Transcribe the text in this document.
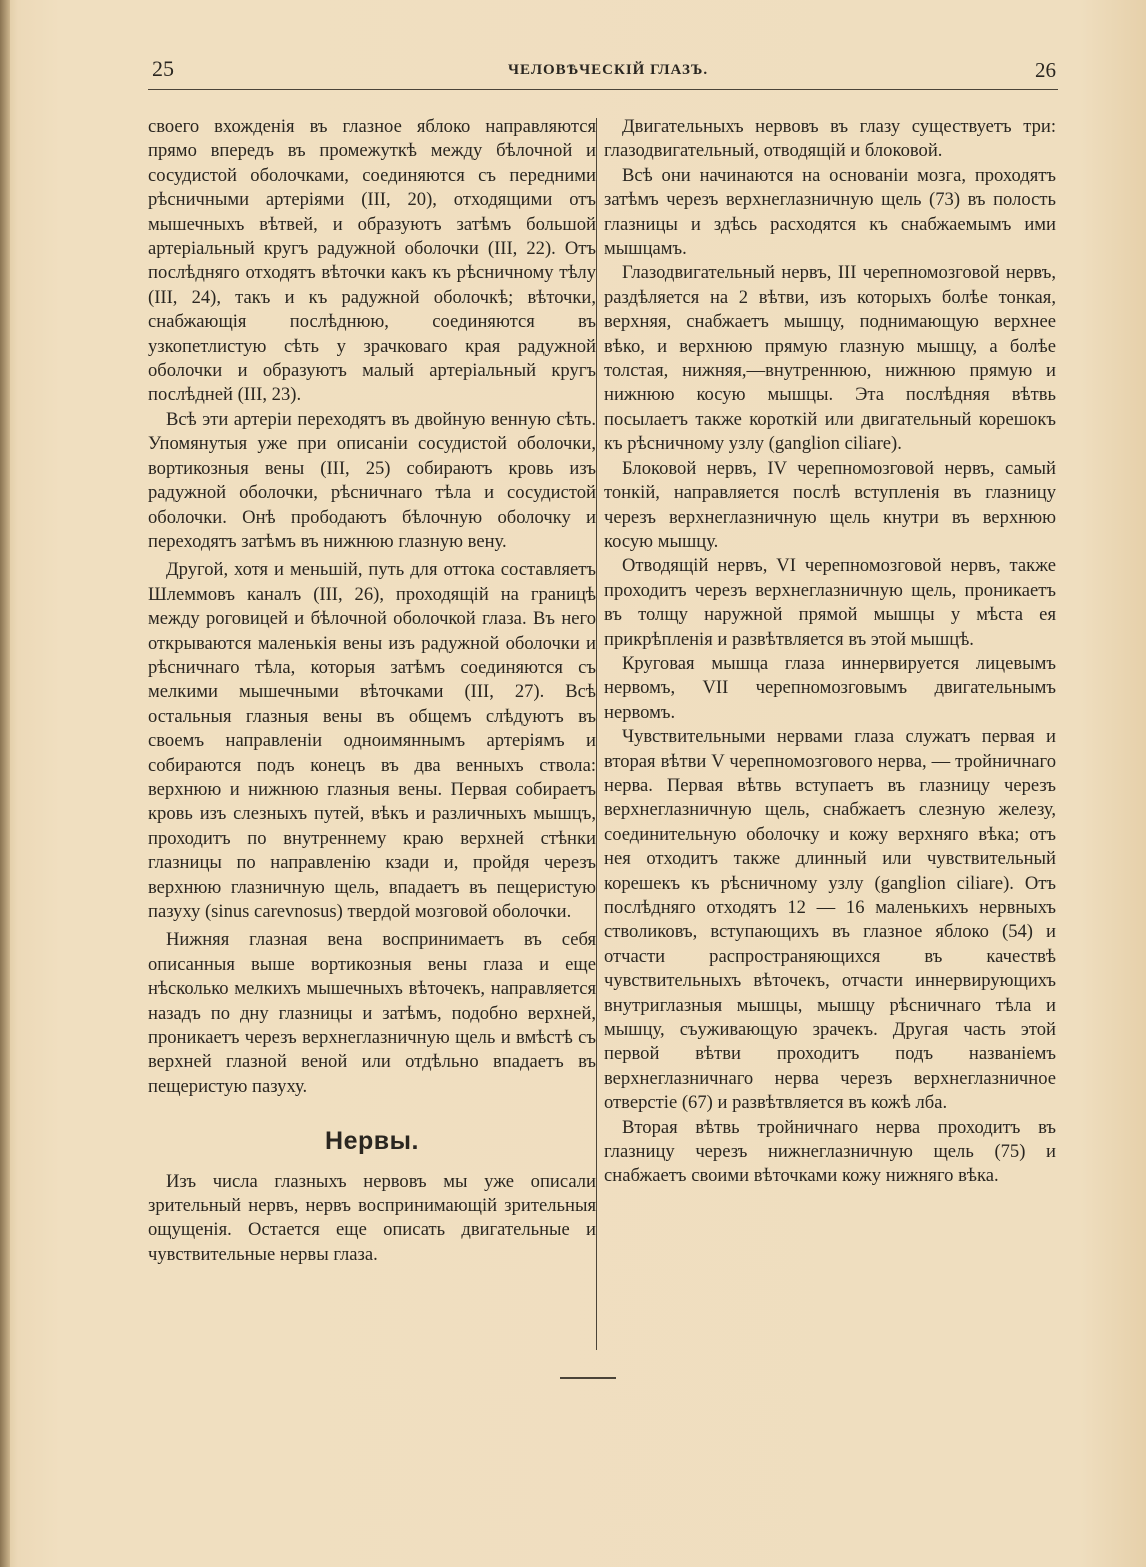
25	ЧЕЛОВѢЧЕСКІЙ ГЛАЗЪ.	26

своего вхожденія въ глазное яблоко направляются прямо впередъ въ промежуткѣ между бѣлочной и сосудистой оболочками, соединяются съ передними рѣсничными артеріями (III, 20), отходящими отъ мышечныхъ вѣтвей, и образуютъ затѣмъ большой артеріальный кругъ радужной оболочки (III, 22). Отъ послѣдняго отходятъ вѣточки какъ къ рѣсничному тѣлу (III, 24), такъ и къ радужной оболочкѣ; вѣточки, снабжающія послѣднюю, соединяются въ узкопетлистую сѣть у зрачковаго края радужной оболочки и образуютъ малый артеріальный кругъ послѣдней (III, 23).

Всѣ эти артеріи переходятъ въ двойную венную сѣть. Упомянутыя уже при описаніи сосудистой оболочки, вортикозныя вены (III, 25) собираютъ кровь изъ радужной оболочки, рѣсничнаго тѣла и сосудистой оболочки. Онѣ прободаютъ бѣлочную оболочку и переходятъ затѣмъ въ нижнюю глазную вену.

Другой, хотя и меньшій, путь для оттока составляетъ Шлеммовъ каналъ (III, 26), проходящій на границѣ между роговицей и бѣлочной оболочкой глаза. Въ него открываются маленькія вены изъ радужной оболочки и рѣсничнаго тѣла, которыя затѣмъ соединяются съ мелкими мышечными вѣточками (III, 27). Всѣ остальныя глазныя вены въ общемъ слѣдуютъ въ своемъ направленіи одноимяннымъ артеріямъ и собираются подъ конецъ въ два венныхъ ствола: верхнюю и нижнюю глазныя вены. Первая собираетъ кровь изъ слезныхъ путей, вѣкъ и различныхъ мышцъ, проходитъ по внутреннему краю верхней стѣнки глазницы по направленію кзади и, пройдя черезъ верхнюю глазничную щель, впадаетъ въ пещеристую пазуху (sinus carevnosus) твердой мозговой оболочки.

Нижняя глазная вена воспринимаетъ въ себя описанныя выше вортикозныя вены глаза и еще нѣсколько мелкихъ мышечныхъ вѣточекъ, направляется назадъ по дну глазницы и затѣмъ, подобно верхней, проникаетъ черезъ верхнеглазничную щель и вмѣстѣ съ верхней глазной веной или отдѣльно впадаетъ въ пещеристую пазуху.

Нервы.

Изъ числа глазныхъ нервовъ мы уже описали зрительный нервъ, нервъ воспринимающій зрительныя ощущенія. Остается еще описать двигательные и чувствительные нервы глаза.

Двигательныхъ нервовъ въ глазу существуетъ три: глазодвигательный, отводящій и блоковой.

Всѣ они начинаются на основаніи мозга, проходятъ затѣмъ черезъ верхнеглазничную щель (73) въ полость глазницы и здѣсь расходятся къ снабжаемымъ ими мышцамъ.

Глазодвигательный нервъ, III черепномозговой нервъ, раздѣляется на 2 вѣтви, изъ которыхъ болѣе тонкая, верхняя, снабжаетъ мышцу, поднимающую верхнее вѣко, и верхнюю прямую глазную мышцу, а болѣе толстая, нижняя,—внутреннюю, нижнюю прямую и нижнюю косую мышцы. Эта послѣдняя вѣтвь посылаетъ также короткій или двигательный корешокъ къ рѣсничному узлу (ganglion ciliare).

Блоковой нервъ, IV черепномозговой нервъ, самый тонкій, направляется послѣ вступленія въ глазницу черезъ верхнеглазничную щель кнутри въ верхнюю косую мышцу.

Отводящій нервъ, VI черепномозговой нервъ, также проходитъ черезъ верхнеглазничную щель, проникаетъ въ толщу наружной прямой мышцы у мѣста ея прикрѣпленія и развѣтвляется въ этой мышцѣ.

Круговая мышца глаза иннервируется лицевымъ нервомъ, VII черепномозговымъ двигательнымъ нервомъ.

Чувствительными нервами глаза служатъ первая и вторая вѣтви V черепномозгового нерва, — тройничнаго нерва. Первая вѣтвь вступаетъ въ глазницу черезъ верхнеглазничную щель, снабжаетъ слезную железу, соединительную оболочку и кожу верхняго вѣка; отъ нея отходитъ также длинный или чувствительный корешекъ къ рѣсничному узлу (ganglion ciliare). Отъ послѣдняго отходятъ 12 — 16 маленькихъ нервныхъ стволиковъ, вступающихъ въ глазное яблоко (54) и отчасти распространяющихся въ качествѣ чувствительныхъ вѣточекъ, отчасти иннервирующихъ внутриглазныя мышцы, мышцу рѣсничнаго тѣла и мышцу, съуживающую зрачекъ. Другая часть этой первой вѣтви проходитъ подъ названіемъ верхнеглазничнаго нерва черезъ верхнеглазничное отверстіе (67) и развѣтвляется въ кожѣ лба.

Вторая вѣтвь тройничнаго нерва проходитъ въ глазницу черезъ нижнеглазничную щель (75) и снабжаетъ своими вѣточками кожу нижняго вѣка.
